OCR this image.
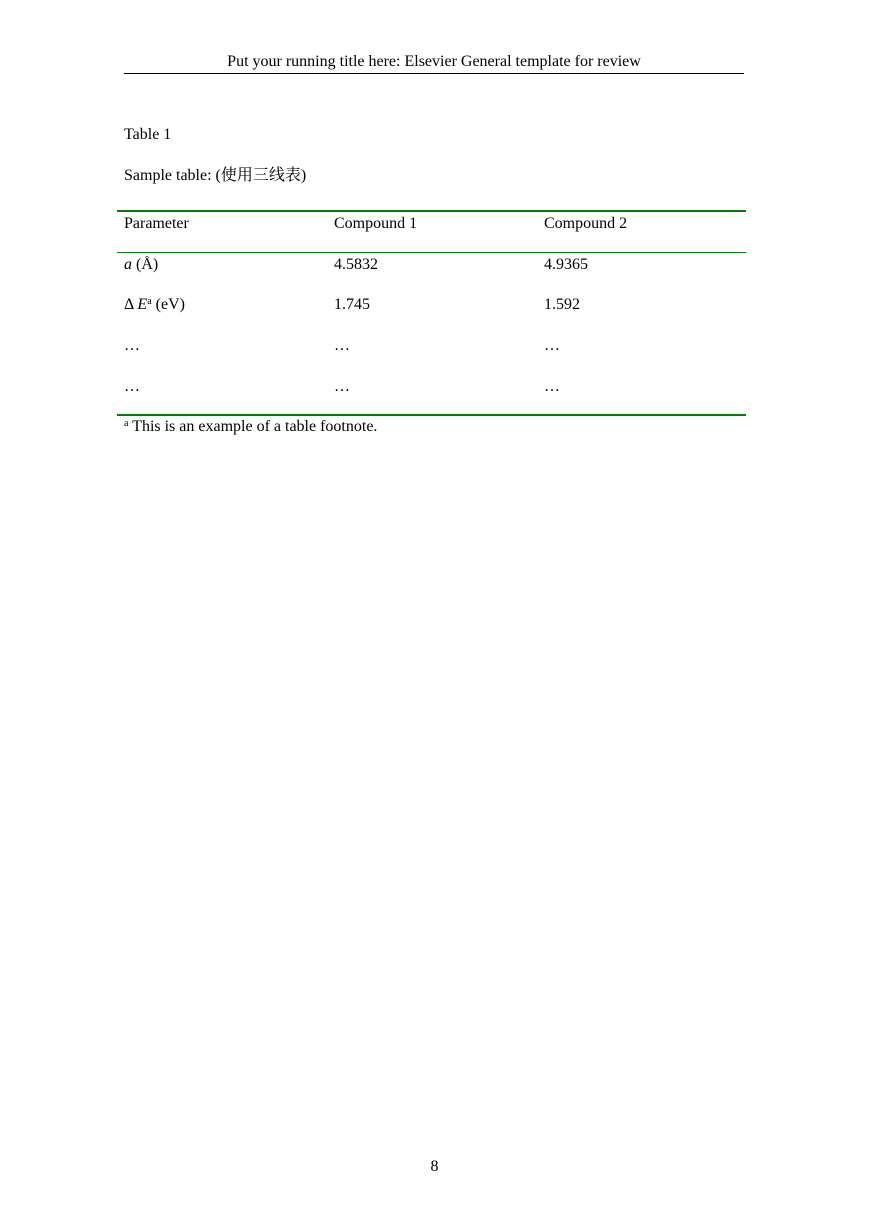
Put your running title here: Elsevier General template for review
Table 1
Sample table: (使用三线表)
Parameter	Compound 1	Compound 2
a (Å)	4.5832	4.9365
Δ $E^a$ (eV)	1.745	1.592
…	…	…
…	…	…
$^a$ This is an example of a table footnote.
8
